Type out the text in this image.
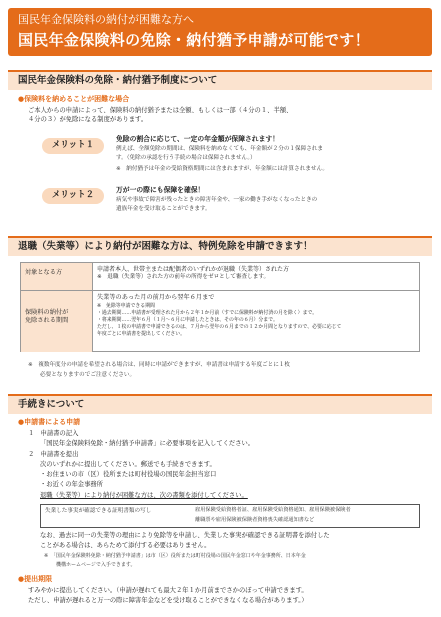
国民年金保険料の納付が困難な方へ
国民年金保険料の免除・納付猶予申請が可能です！
国民年金保険料の免除・納付猶予制度について
●保険料を納めることが困難な場合
ご本人からの申請によって、保険料の納付猶予または全額、もしくは一部（４分の１、半額、
４分の３）が免除になる制度があります。
メリット１
免除の割合に応じて、一定の年金額が保障されます！
例えば、全額免除の期間は、保険料を納めなくても、年金額が２分の１保障されま
す。（免除の承認を行う手続の場合は保障されません。）
※　納付猶予は年金の受給資格期間には含まれますが、年金額には計算されません。
メリット２	万が一の際にも保障を確保！
病気や事故で障害が残ったときの障害年金や、一家の働き手がなくなったときの
遺族年金を受け取ることができます。
退職（失業等）により納付が困難な方は、特例免除を申請できます！
対象となる方	申請者本人、世帯主または配偶者のいずれかが退職（失業等）された方
※　退職（失業等）された方の前年の所得をゼロとして審査します。
保険料の納付が
免除される期間
失業等のあった月の前月から翌年６月まで
※　免除等申請できる期間
・過去期間……申請書が受理された月から２年１か月前（すでに保険料が納付済の月を除く）まで。
・将来期間……翌年６月（１月〜６月に申請したときは、その年の６月）分まで。
ただし、１枚の申請書で申請できるのは、７月から翌年の６月までの１２か月間となりますので、必要に応じて
年度ごとに申請書を提出してください。
※　複数年度分の申請を希望される場合は、同時に申請ができますが、申請書は申請する年度ごとに１枚
必要となりますのでご注意ください。
手続きについて
●申請書による申請
１　申請書の記入
「国民年金保険料免除・納付猶予申請書」に必要事項を記入してください。
２　申請書を提出
次のいずれかに提出してください。郵送でも手続きできます。
・お住まいの市（区）役所または町村役場の国民年金担当窓口
・お近くの年金事務所
退職（失業等）により納付が困難な方は、次の書類を添付してください。
失業した事実が確認できる証明書類の写し	雇用保険受給資格者証、雇用保険受給資格通知、雇用保険被保険者
離職票や雇用保険被保険者資格喪失確認通知書など
なお、過去に同一の失業等の理由により免除等を申請し、失業した事実が確認できる証明書を添付した
ことがある場合は、あらためて添付する必要はありません。
※　「国民年金保険料免除・納付猶予申請書」は市（区）役所または町村役場の国民年金窓口や年金事務所、日本年金
機構ホームページで入手できます。
●提出期限
すみやかに提出してください。（申請が遅れても最大２年１か月前までさかのぼって申請できます。
ただし、申請が遅れると万一の際に障害年金などを受け取ることができなくなる場合があります。）
